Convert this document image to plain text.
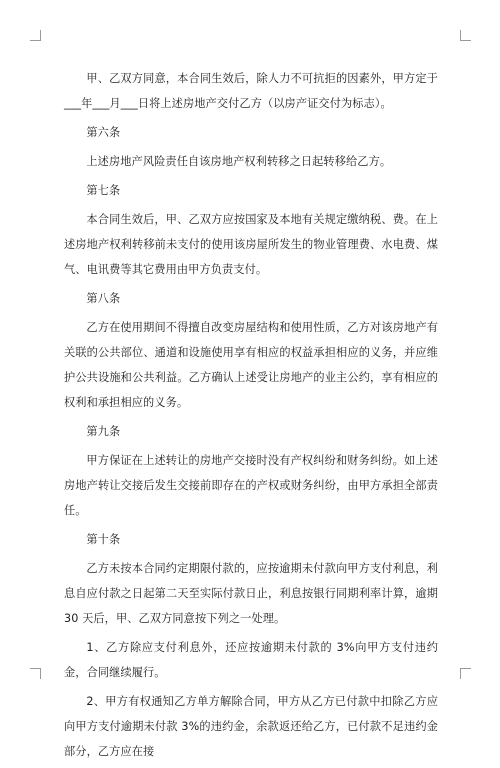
甲、乙双方同意，本合同生效后，除人力不可抗拒的因素外，甲方定于___年___月___日将上述房地产交付乙方（以房产证交付为标志）。

第六条

上述房地产风险责任自该房地产权利转移之日起转移给乙方。

第七条

本合同生效后，甲、乙双方应按国家及本地有关规定缴纳税、费。在上述房地产权利转移前未支付的使用该房屋所发生的物业管理费、水电费、煤气、电讯费等其它费用由甲方负责支付。

第八条

乙方在使用期间不得擅自改变房屋结构和使用性质，乙方对该房地产有关联的公共部位、通道和设施使用享有相应的权益承担相应的义务，并应维护公共设施和公共利益。乙方确认上述受让房地产的业主公约，享有相应的权利和承担相应的义务。

第九条

甲方保证在上述转让的房地产交接时没有产权纠纷和财务纠纷。如上述房地产转让交接后发生交接前即存在的产权或财务纠纷，由甲方承担全部责任。

第十条

乙方未按本合同约定期限付款的，应按逾期未付款向甲方支付利息，利息自应付款之日起第二天至实际付款日止，利息按银行同期利率计算，逾期 30 天后，甲、乙双方同意按下列之一处理。

1、乙方除应支付利息外，还应按逾期未付款的 3%向甲方支付违约金，合同继续履行。

2、甲方有权通知乙方单方解除合同，甲方从乙方已付款中扣除乙方应向甲方支付逾期未付款 3%的违约金，余款返还给乙方，已付款不足违约金部分，乙方应在接
